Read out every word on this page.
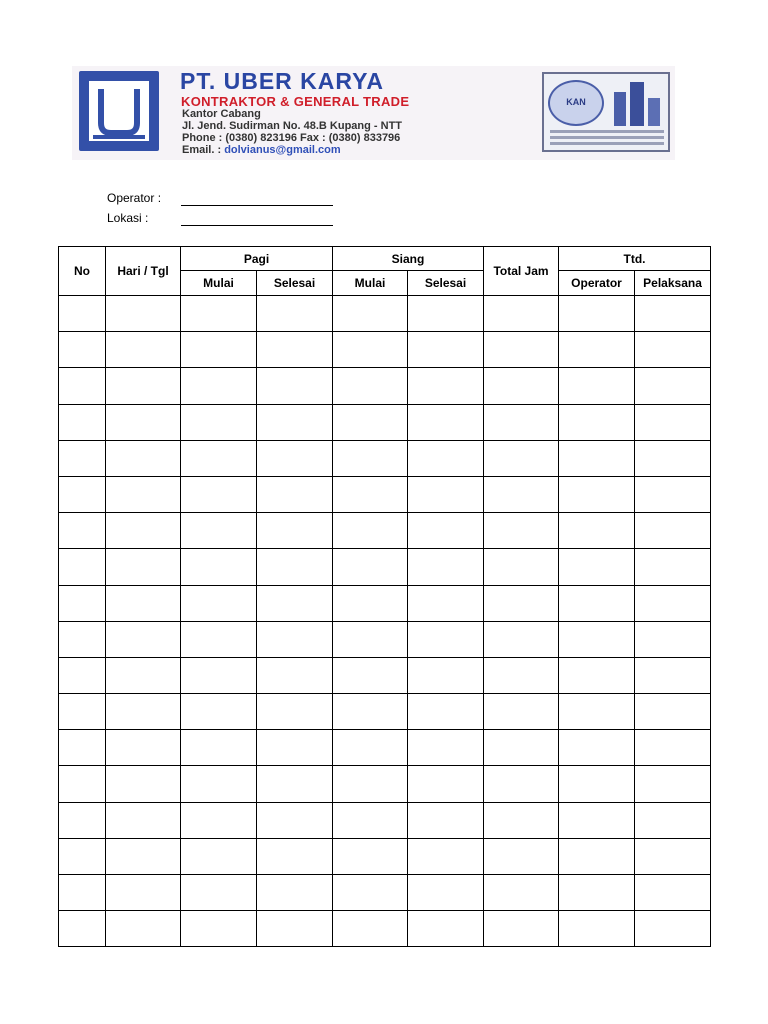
PT. UBER KARYA
KONTRAKTOR & GENERAL TRADE
Kantor Cabang
Jl. Jend. Sudirman No. 48.B Kupang - NTT
Phone : (0380) 823196 Fax : (0380) 833796
Email. : dolvianus@gmail.com
KAN
Operator :
Lokasi :
No	Hari / Tgl	Pagi		Siang		Total Jam	Ttd.	
		Mulai	Selesai	Mulai	Selesai		Operator	Pelaksana
